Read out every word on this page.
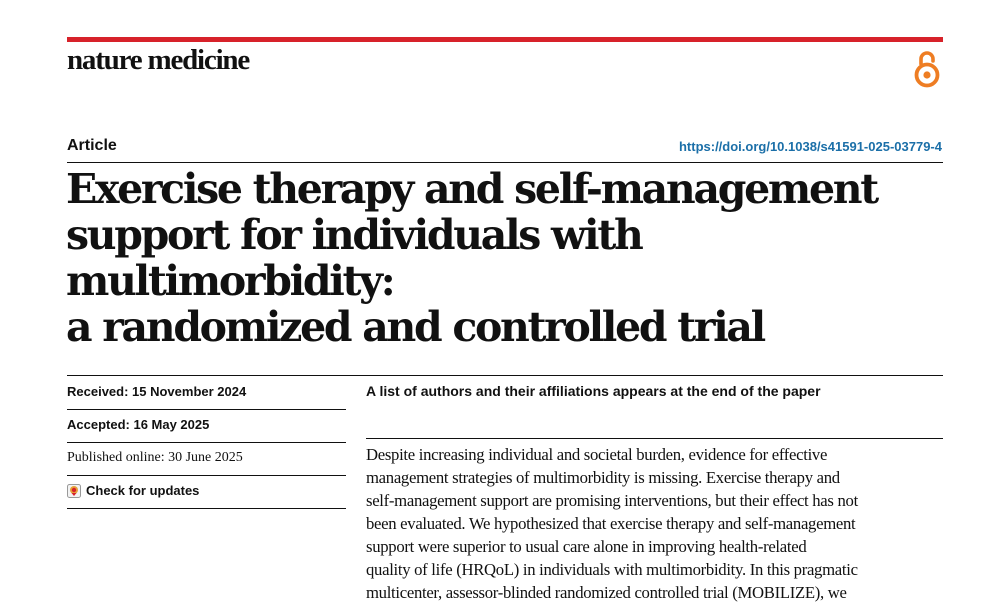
nature medicine
Article	https://doi.org/10.1038/s41591-025-03779-4
Exercise therapy and self-management
support for individuals with multimorbidity:
a randomized and controlled trial
Received: 15 November 2024
Accepted: 16 May 2025
Published online: 30 June 2025
Check for updates
A list of authors and their affiliations appears at the end of the paper
Despite increasing individual and societal burden, evidence for effective
management strategies of multimorbidity is missing. Exercise therapy and
self-management support are promising interventions, but their effect has not
been evaluated. We hypothesized that exercise therapy and self-management
support were superior to usual care alone in improving health-related
quality of life (HRQoL) in individuals with multimorbidity. In this pragmatic
multicenter, assessor-blinded randomized controlled trial (MOBILIZE), we
